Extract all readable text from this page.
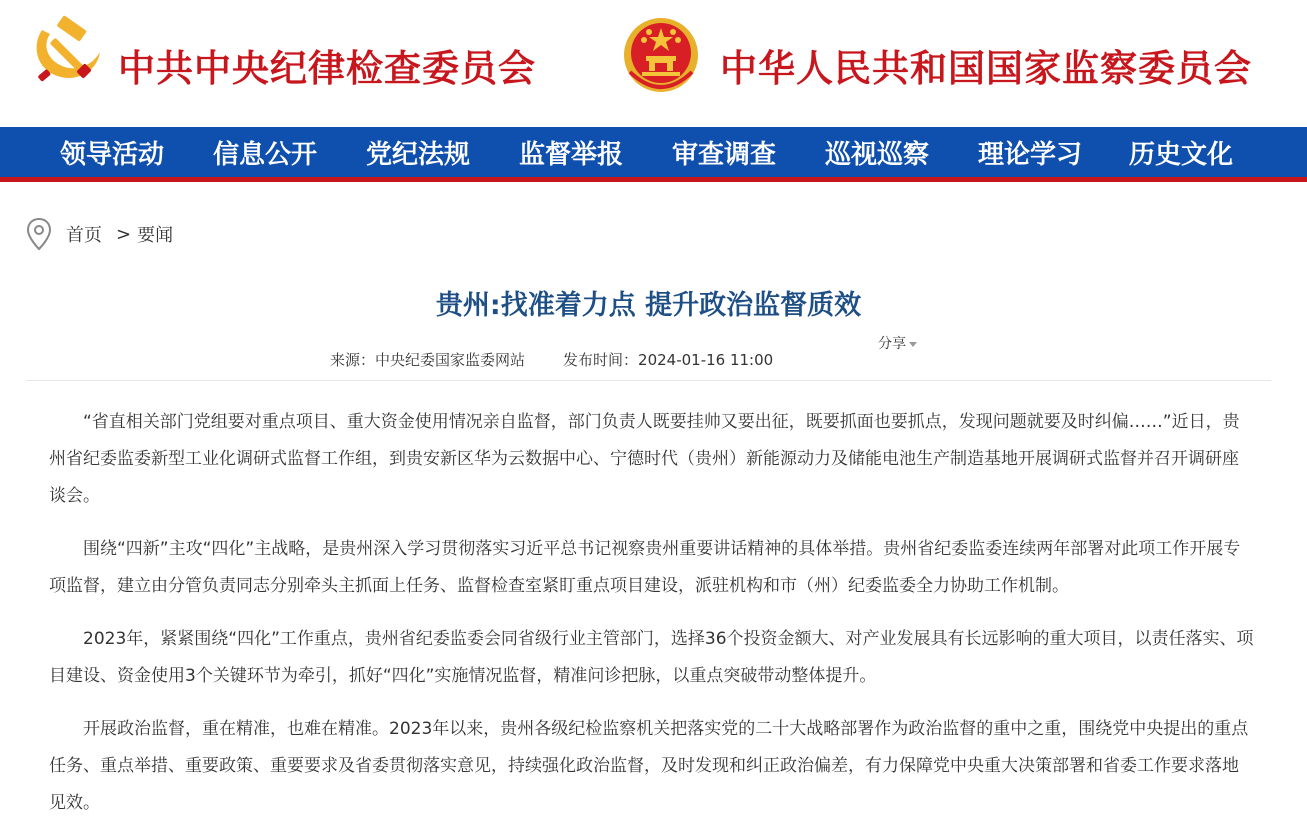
中共中央纪律检查委员会	中华人民共和国国家监察委员会
领导活动 信息公开 党纪法规 监督举报 审查调查 巡视巡察 理论学习 历史文化
首页 > 要闻
贵州:找准着力点 提升政治监督质效
分享
来源：中央纪委国家监委网站	发布时间：2024-01-16 11:00

“省直相关部门党组要对重点项目、重大资金使用情况亲自监督，部门负责人既要挂帅又要出征，既要抓面也要抓点，发现问题就要及时纠偏……”近日，贵州省纪委监委新型工业化调研式监督工作组，到贵安新区华为云数据中心、宁德时代（贵州）新能源动力及储能电池生产制造基地开展调研式监督并召开调研座谈会。

围绕“四新”主攻“四化”主战略，是贵州深入学习贯彻落实习近平总书记视察贵州重要讲话精神的具体举措。贵州省纪委监委连续两年部署对此项工作开展专项监督，建立由分管负责同志分别牵头主抓面上任务、监督检查室紧盯重点项目建设，派驻机构和市（州）纪委监委全力协助工作机制。

2023年，紧紧围绕“四化”工作重点，贵州省纪委监委会同省级行业主管部门，选择36个投资金额大、对产业发展具有长远影响的重大项目，以责任落实、项目建设、资金使用3个关键环节为牵引，抓好“四化”实施情况监督，精准问诊把脉，以重点突破带动整体提升。

开展政治监督，重在精准，也难在精准。2023年以来，贵州各级纪检监察机关把落实党的二十大战略部署作为政治监督的重中之重，围绕党中央提出的重点任务、重点举措、重要政策、重要要求及省委贯彻落实意见，持续强化政治监督，及时发现和纠正政治偏差，有力保障党中央重大决策部署和省委工作要求落地见效。
